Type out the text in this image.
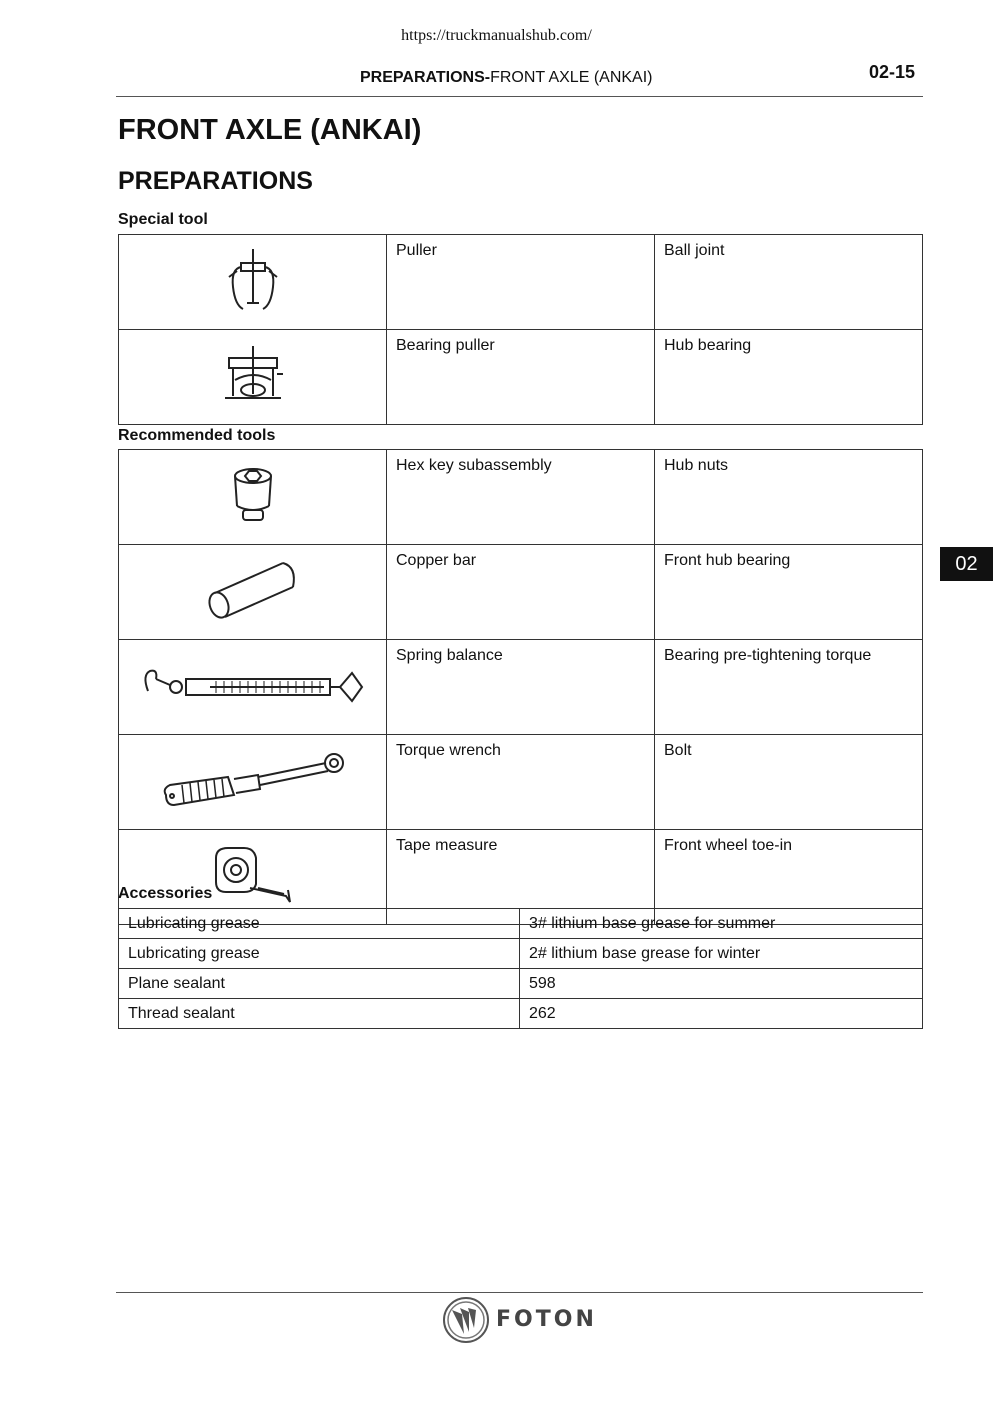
https://truckmanualshub.com/
PREPARATIONS-FRONT AXLE (ANKAI)	02-15
FRONT AXLE (ANKAI)
PREPARATIONS

Special tool

	Puller	Ball joint
	Bearing puller	Hub bearing

Recommended tools

	Hex key subassembly	Hub nuts
	Copper bar	Front hub bearing
	Spring balance	Bearing pre-tightening torque
	Torque wrench	Bolt
	Tape measure	Front wheel toe-in

Accessories

Lubricating grease	3# lithium base grease for summer
Lubricating grease	2# lithium base grease for winter
Plane sealant	598
Thread sealant	262
02
FOTON
